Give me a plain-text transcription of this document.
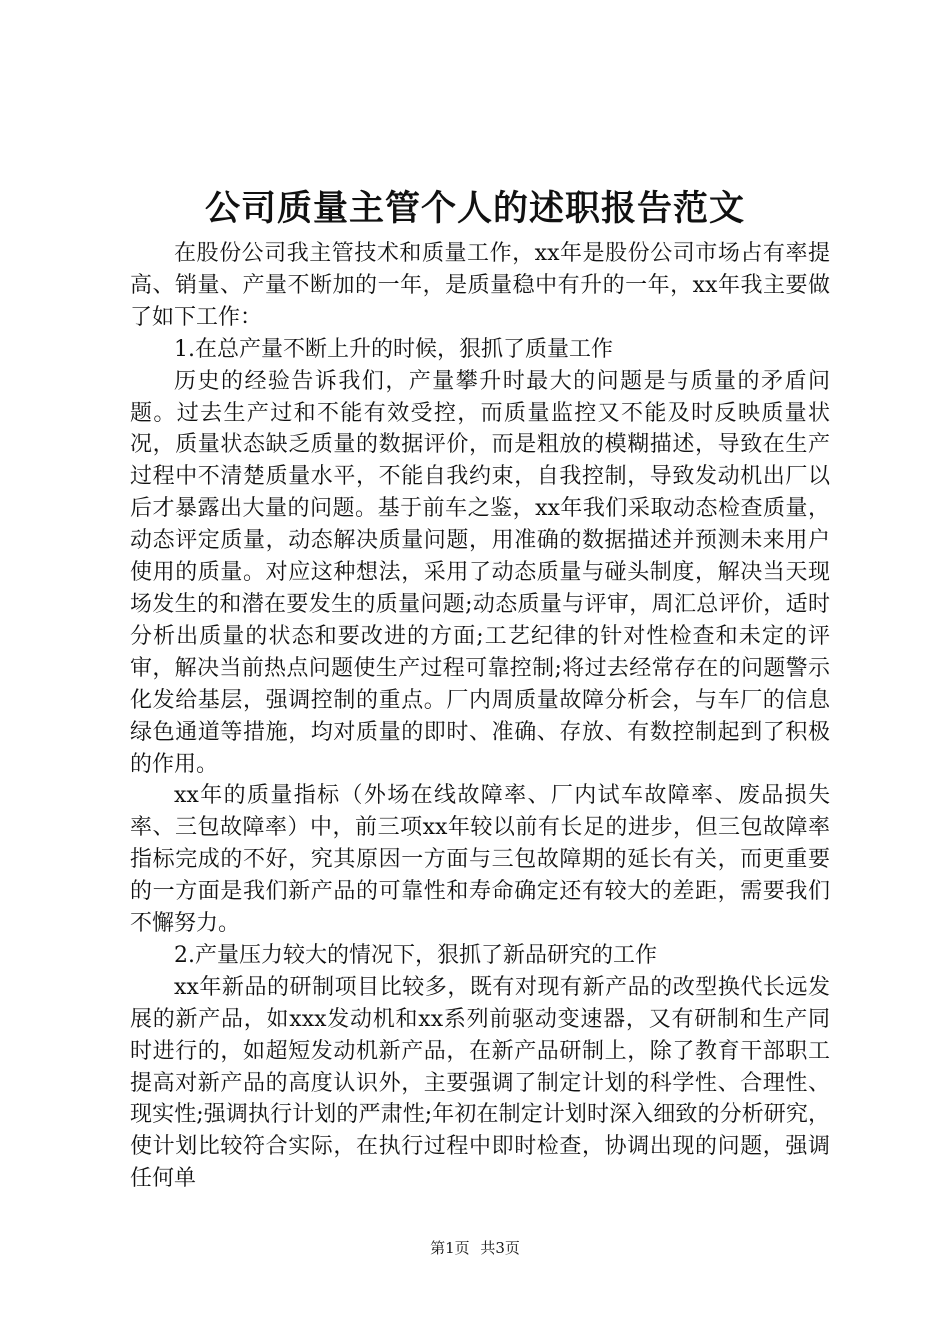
公司质量主管个人的述职报告范文

在股份公司我主管技术和质量工作，xx年是股份公司市场占有率提高、销量、产量不断加的一年，是质量稳中有升的一年，xx年我主要做了如下工作：

1.在总产量不断上升的时候，狠抓了质量工作

历史的经验告诉我们，产量攀升时最大的问题是与质量的矛盾问题。过去生产过和不能有效受控，而质量监控又不能及时反映质量状况，质量状态缺乏质量的数据评价，而是粗放的模糊描述，导致在生产过程中不清楚质量水平，不能自我约束，自我控制，导致发动机出厂以后才暴露出大量的问题。基于前车之鉴，xx年我们采取动态检查质量，动态评定质量，动态解决质量问题，用准确的数据描述并预测未来用户使用的质量。对应这种想法，采用了动态质量与碰头制度，解决当天现场发生的和潜在要发生的质量问题;动态质量与评审，周汇总评价，适时分析出质量的状态和要改进的方面;工艺纪律的针对性检查和未定的评审，解决当前热点问题使生产过程可靠控制;将过去经常存在的问题警示化发给基层，强调控制的重点。厂内周质量故障分析会，与车厂的信息绿色通道等措施，均对质量的即时、准确、存放、有数控制起到了积极的作用。

xx年的质量指标（外场在线故障率、厂内试车故障率、废品损失率、三包故障率）中，前三项xx年较以前有长足的进步，但三包故障率指标完成的不好，究其原因一方面与三包故障期的延长有关，而更重要的一方面是我们新产品的可靠性和寿命确定还有较大的差距，需要我们不懈努力。

2.产量压力较大的情况下，狠抓了新品研究的工作

xx年新品的研制项目比较多，既有对现有新产品的改型换代长远发展的新产品，如xxx发动机和xx系列前驱动变速器，又有研制和生产同时进行的，如超短发动机新产品，在新产品研制上，除了教育干部职工提高对新产品的高度认识外，主要强调了制定计划的科学性、合理性、现实性;强调执行计划的严肃性;年初在制定计划时深入细致的分析研究，使计划比较符合实际，在执行过程中即时检查，协调出现的问题，强调任何单

第1页 共3页
